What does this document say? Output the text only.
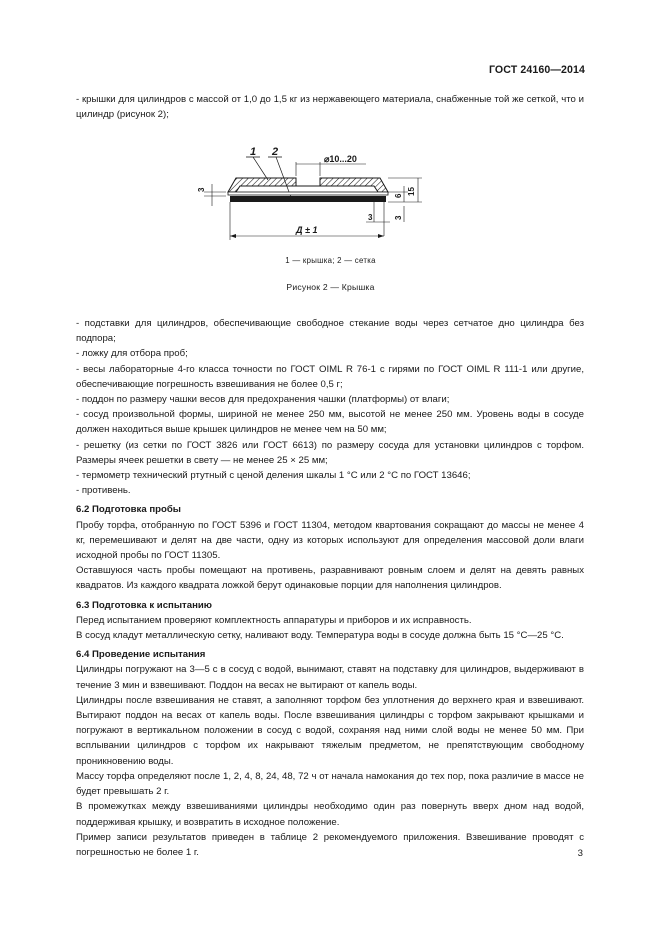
ГОСТ 24160—2014

- крышки для цилиндров с массой от 1,0 до 1,5 кг из нержавеющего материала, снабженные той же сеткой, что и цилиндр (рисунок 2);

1 2
⌀10...20
3	15
6
3
3
Д ± 1
1 — крышка; 2 — сетка
Рисунок 2 — Крышка

- подставки для цилиндров, обеспечивающие свободное стекание воды через сетчатое дно цилиндра без подпора;

- ложку для отбора проб;

- весы лабораторные 4-го класса точности по ГОСТ OIML R 76-1 с гирями по ГОСТ OIML R 111-1 или другие, обеспечивающие погрешность взвешивания не более 0,5 г;

- поддон по размеру чашки весов для предохранения чашки (платформы) от влаги;

- сосуд произвольной формы, шириной не менее 250 мм, высотой не менее 250 мм. Уровень воды в сосуде должен находиться выше крышек цилиндров не менее чем на 50 мм;

- решетку (из сетки по ГОСТ 3826 или ГОСТ 6613) по размеру сосуда для установки цилиндров с торфом. Размеры ячеек решетки в свету — не менее 25 × 25 мм;

- термометр технический ртутный с ценой деления шкалы 1 °С или 2 °С по ГОСТ 13646;

- противень.

6.2 Подготовка пробы

Пробу торфа, отобранную по ГОСТ 5396 и ГОСТ 11304, методом квартования сокращают до массы не менее 4 кг, перемешивают и делят на две части, одну из которых используют для определения массовой доли влаги исходной пробы по ГОСТ 11305.

Оставшуюся часть пробы помещают на противень, разравнивают ровным слоем и делят на девять равных квадратов. Из каждого квадрата ложкой берут одинаковые порции для наполнения цилиндров.

6.3 Подготовка к испытанию

Перед испытанием проверяют комплектность аппаратуры и приборов и их исправность.

В сосуд кладут металлическую сетку, наливают воду. Температура воды в сосуде должна быть 15 °С—25 °С.

6.4 Проведение испытания

Цилиндры погружают на 3—5 с в сосуд с водой, вынимают, ставят на подставку для цилиндров, выдерживают в течение 3 мин и взвешивают. Поддон на весах не вытирают от капель воды.

Цилиндры после взвешивания не ставят, а заполняют торфом без уплотнения до верхнего края и взвешивают. Вытирают поддон на весах от капель воды. После взвешивания цилиндры с торфом закрывают крышками и погружают в вертикальном положении в сосуд с водой, сохраняя над ними слой воды не менее 50 мм. При всплывании цилиндров с торфом их накрывают тяжелым предметом, не препятствующим свободному проникновению воды.

Массу торфа определяют после 1, 2, 4, 8, 24, 48, 72 ч от начала намокания до тех пор, пока различие в массе не будет превышать 2 г.

В промежутках между взвешиваниями цилиндры необходимо один раз повернуть вверх дном над водой, поддерживая крышку, и возвратить в исходное положение.

Пример записи результатов приведен в таблице 2 рекомендуемого приложения. Взвешивание проводят с погрешностью не более 1 г.	3
